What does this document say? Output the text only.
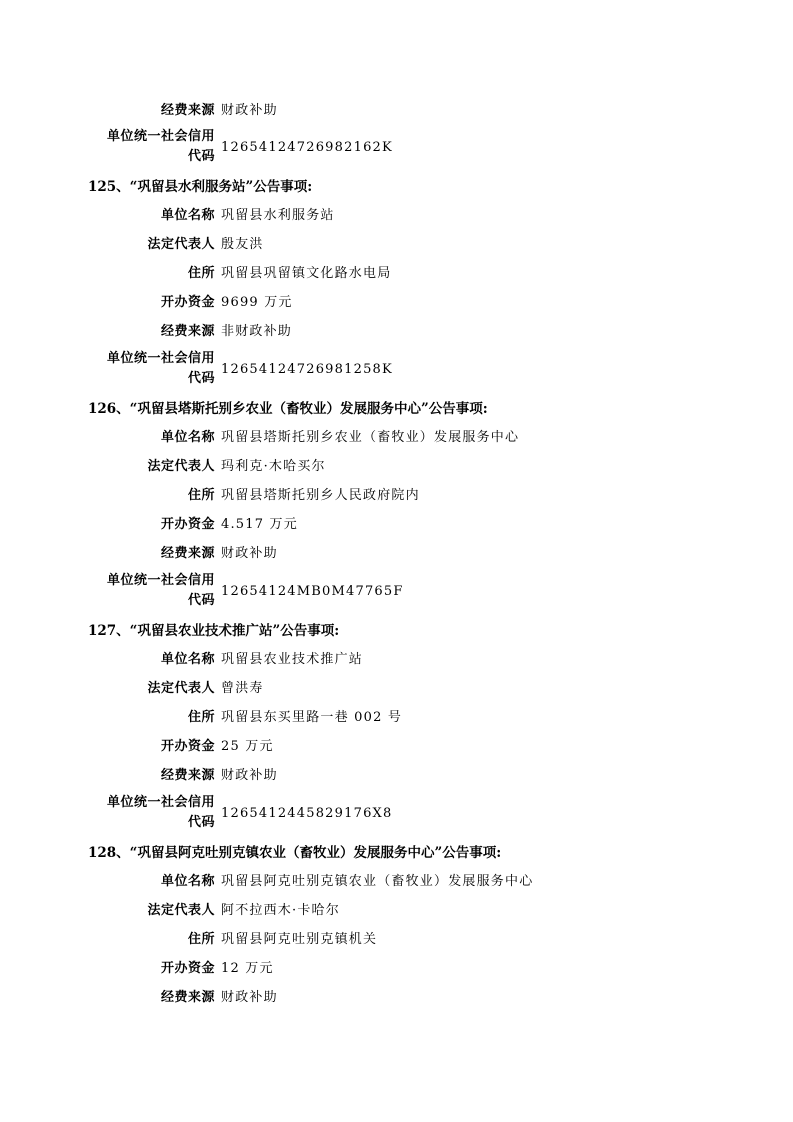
经费来源 财政补助
12654124726982162K
单位统一社会信用
代码
125、“巩留县水利服务站”公告事项:
单位名称 巩留县水利服务站
法定代表人 殷友洪
住所 巩留县巩留镇文化路水电局
开办资金 9699 万元
经费来源 非财政补助
12654124726981258K
单位统一社会信用
代码
126、“巩留县塔斯托别乡农业（畜牧业）发展服务中心”公告事项:
单位名称 巩留县塔斯托别乡农业（畜牧业）发展服务中心
法定代表人 玛利克·木哈买尔
住所 巩留县塔斯托别乡人民政府院内
开办资金 4.517 万元
经费来源 财政补助
12654124MB0M47765F
单位统一社会信用
代码
127、“巩留县农业技术推广站”公告事项:
单位名称 巩留县农业技术推广站
法定代表人 曾洪寿
住所 巩留县东买里路一巷 002 号
开办资金 25 万元
经费来源 财政补助
1265412445829176X8
单位统一社会信用
代码
128、“巩留县阿克吐别克镇农业（畜牧业）发展服务中心”公告事项:
单位名称 巩留县阿克吐别克镇农业（畜牧业）发展服务中心
法定代表人 阿不拉西木·卡哈尔
住所 巩留县阿克吐别克镇机关
开办资金 12 万元
经费来源 财政补助
